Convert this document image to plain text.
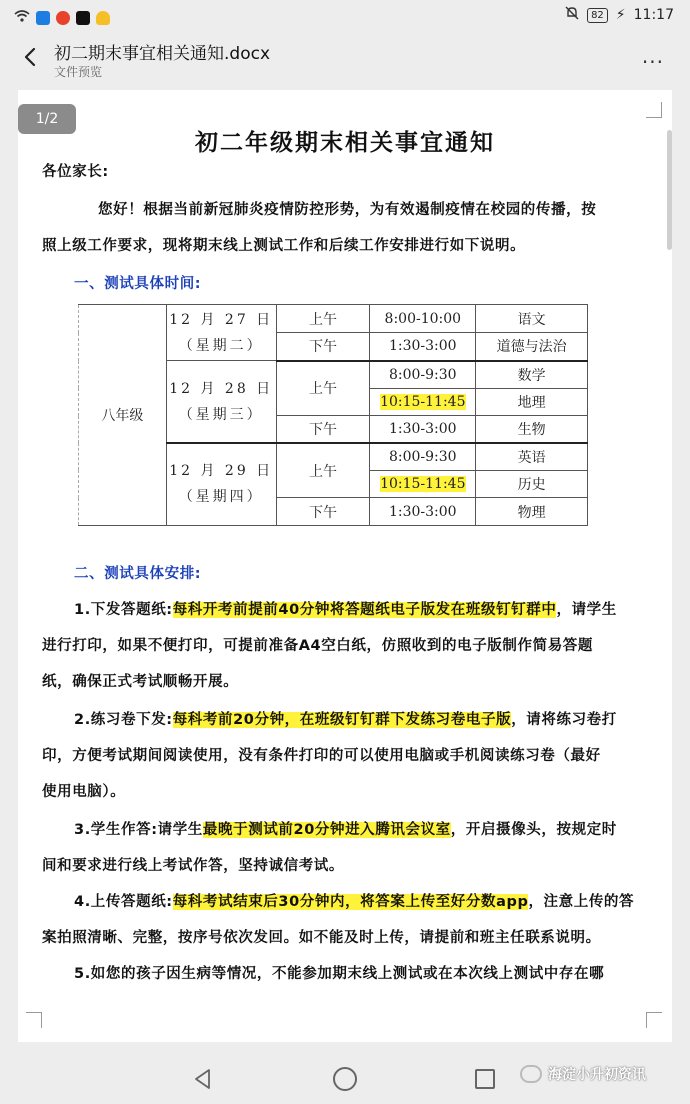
82 ⚡ 11:17
初二期末事宜相关通知.docx
文件预览	···
1/2
初二年级期末相关事宜通知
各位家长:
您好！根据当前新冠肺炎疫情防控形势，为有效遏制疫情在校园的传播，按
照上级工作要求，现将期末线上测试工作和后续工作安排进行如下说明。
一、测试具体时间:
八年级	12 月 27 日
（星期二）	上午	8:00-10:00	语文
		下午	1:30-3:00	道德与法治

	12 月 28 日
（星期三）	上午	8:00-9:30	数学
			10:15-11:45	地理
		下午	1:30-3:00	生物

	12 月 29 日
（星期四）	上午	8:00-9:30	英语
			10:15-11:45	历史
		下午	1:30-3:00	物理
二、测试具体安排:
1.下发答题纸:每科开考前提前40分钟将答题纸电子版发在班级钉钉群中，请学生
进行打印，如果不便打印，可提前准备A4空白纸，仿照收到的电子版制作简易答题
纸，确保正式考试顺畅开展。
2.练习卷下发:每科考前20分钟，在班级钉钉群下发练习卷电子版，请将练习卷打
印，方便考试期间阅读使用，没有条件打印的可以使用电脑或手机阅读练习卷（最好
使用电脑）。
3.学生作答:请学生最晚于测试前20分钟进入腾讯会议室，开启摄像头，按规定时
间和要求进行线上考试作答，坚持诚信考试。
4.上传答题纸:每科考试结束后30分钟内，将答案上传至好分数app，注意上传的答
案拍照清晰、完整，按序号依次发回。如不能及时上传，请提前和班主任联系说明。
5.如您的孩子因生病等情况，不能参加期末线上测试或在本次线上测试中存在哪
海淀小升初资讯
